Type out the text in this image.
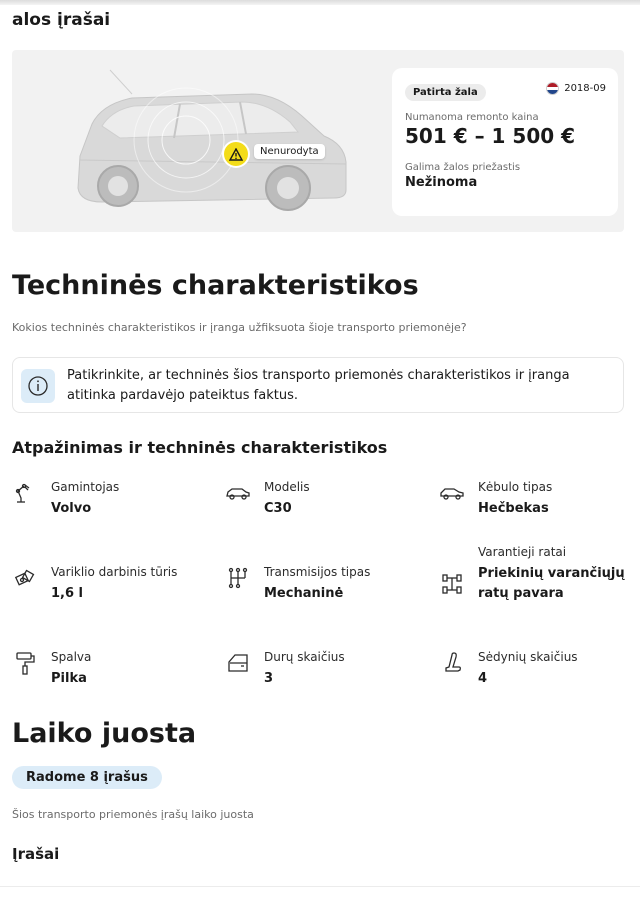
alos įrašai
Nenurodyta
Patirta žala	2018-09
Numanoma remonto kaina
501 € – 1 500 €
Galima žalos priežastis
Nežinoma
Techninės charakteristikos
Kokios techninės charakteristikos ir įranga užfiksuota šioje transporto priemonėje?
Patikrinkite, ar techninės šios transporto priemonės charakteristikos ir įranga atitinka pardavėjo pateiktus faktus.
Atpažinimas ir techninės charakteristikos
Gamintojas
Volvo
Modelis
C30
Kėbulo tipas
Hečbekas
Variklio darbinis tūris
1,6 l
Transmisijos tipas
Mechaninė
Varantieji ratai
Priekinių varančiųjų ratų pavara
Spalva
Pilka
Durų skaičius
3
Sėdynių skaičius
4
Laiko juosta
Radome 8 įrašus
Šios transporto priemonės įrašų laiko juosta
Įrašai
